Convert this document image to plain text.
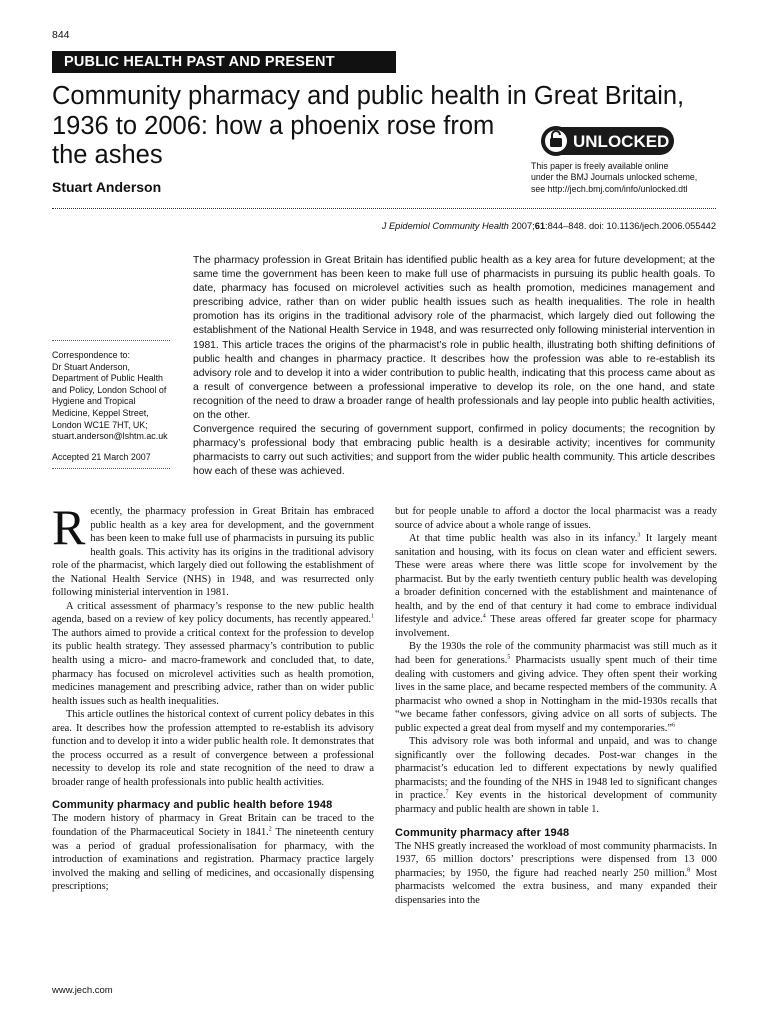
844
PUBLIC HEALTH PAST AND PRESENT
Community pharmacy and public health in Great Britain,
1936 to 2006: how a phoenix rose from
the ashes
Stuart Anderson
UNLOCKED
This paper is freely available online
under the BMJ Journals unlocked scheme,
see http://jech.bmj.com/info/unlocked.dtl
J Epidemiol Community Health 2007;61:844–848. doi: 10.1136/jech.2006.055442

The pharmacy profession in Great Britain has identified public health as a key area for future development; at the same time the government has been keen to make full use of pharmacists in pursuing its public health goals. To date, pharmacy has focused on microlevel activities such as health promotion, medicines management and prescribing advice, rather than on wider public health issues such as health inequalities. The role in health promotion has its origins in the traditional advisory role of the pharmacist, which largely died out following the establishment of the National Health Service in 1948, and was resurrected only following ministerial intervention in 1981. This article traces the origins of the pharmacist’s role in public health, illustrating both shifting definitions of public health and changes in pharmacy practice. It describes how the profession was able to re-establish its advisory role and to develop it into a wider contribution to public health, indicating that this process came about as a result of convergence between a professional imperative to develop its role, on the one hand, and state recognition of the need to draw a broader range of health professionals and lay people into public health activities, on the other.

Convergence required the securing of government support, confirmed in policy documents; the recognition by pharmacy’s professional body that embracing public health is a desirable activity; incentives for community pharmacists to carry out such activities; and support from the wider public health community. This article describes how each of these was achieved.

Correspondence to:
Dr Stuart Anderson,
Department of Public Health
and Policy, London School of
Hygiene and Tropical
Medicine, Keppel Street,
London WC1E 7HT, UK;
stuart.anderson@lshtm.ac.uk
Accepted 21 March 2007

Recently, the pharmacy profession in Great Britain has embraced public health as a key area for development, and the government has been keen to make full use of pharmacists in pursuing its public health goals. This activity has its origins in the traditional advisory role of the pharmacist, which largely died out following the establishment of the National Health Service (NHS) in 1948, and was resurrected only following ministerial intervention in 1981.

A critical assessment of pharmacy’s response to the new public health agenda, based on a review of key policy documents, has recently appeared.$^1$ The authors aimed to provide a critical context for the profession to develop its public health strategy. They assessed pharmacy’s contribution to public health using a micro- and macro-framework and concluded that, to date, pharmacy has focused on microlevel activities such as health promotion, medicines management and prescribing advice, rather than on wider public health issues such as health inequalities.

This article outlines the historical context of current policy debates in this area. It describes how the profession attempted to re-establish its advisory function and to develop it into a wider public health role. It demonstrates that the process occurred as a result of convergence between a professional necessity to develop its role and state recognition of the need to draw a broader range of health professionals into public health activities.

Community pharmacy and public health before 1948

The modern history of pharmacy in Great Britain can be traced to the foundation of the Pharmaceutical Society in 1841.$^2$ The nineteenth century was a period of gradual professionalisation for pharmacy, with the introduction of examinations and registration. Pharmacy practice largely involved the making and selling of medicines, and occasionally dispensing prescriptions;

but for people unable to afford a doctor the local pharmacist was a ready source of advice about a whole range of issues.

At that time public health was also in its infancy.$^3$ It largely meant sanitation and housing, with its focus on clean water and efficient sewers. These were areas where there was little scope for involvement by the pharmacist. But by the early twentieth century public health was developing a broader definition concerned with the establishment and maintenance of health, and by the end of that century it had come to embrace individual lifestyle and advice.$^4$ These areas offered far greater scope for pharmacy involvement.

By the 1930s the role of the community pharmacist was still much as it had been for generations.$^5$ Pharmacists usually spent much of their time dealing with customers and giving advice. They often spent their working lives in the same place, and became respected members of the community. A pharmacist who owned a shop in Nottingham in the mid-1930s recalls that “we became father confessors, giving advice on all sorts of subjects. The public expected a great deal from myself and my contemporaries.”$^6$

This advisory role was both informal and unpaid, and was to change significantly over the following decades. Post-war changes in the pharmacist’s education led to different expectations by newly qualified pharmacists; and the founding of the NHS in 1948 led to significant changes in practice.$^7$ Key events in the historical development of community pharmacy and public health are shown in table 1.

Community pharmacy after 1948

The NHS greatly increased the workload of most community pharmacists. In 1937, 65 million doctors’ prescriptions were dispensed from 13 000 pharmacies; by 1950, the figure had reached nearly 250 million.$^8$ Most pharmacists welcomed the extra business, and many expanded their dispensaries into the

www.jech.com
